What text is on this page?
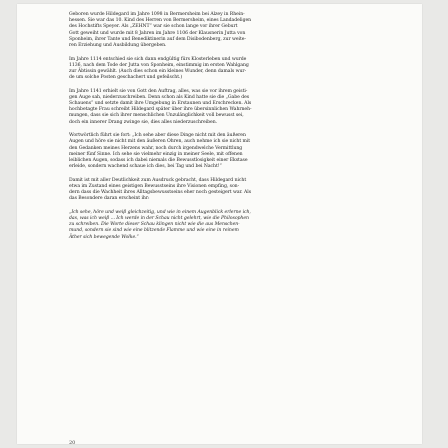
Geboren wurde Hildegard im Jahre 1098 in Bermersheim bei Alzey in Rhein-

hessen. Sie war das 10. Kind des Herren von Bermersheim, eines Landadeligen

des Hochstifts Speyer. Als „ZEHNT“ war sie schon lange vor ihrer Geburt

Gott geweiht und wurde mit 8 Jahren im Jahre 1106 der Klausnerin Jutta von

Sponheim, ihrer Tante und Benediktinerin auf dem Disibodenberg, zur weite-

ren Erziehung und Ausbildung übergeben.

Im Jahre 1114 entschied sie sich dann endgültig fürs Klosterleben und wurde

1136, nach dem Tode der Jutta von Sponheim, einstimmig im ersten Wahlgang

zur Äbtissin gewählt. (Auch dies schon ein kleines Wunder, denn damals wur-

de um solche Posten geschachert und gefeilscht.)

Im Jahre 1141 erhielt sie von Gott den Auftrag, alles, was sie vor ihrem geisti-

gen Auge sah, niederzuschreiben. Denn schon als Kind hatte sie die „Gabe des

Schauens“ und setzte damit ihre Umgebung in Erstaunen und Erschrecken. Als

hochbetagte Frau schreibt Hildegard später über ihre übersinnlichen Wahrneh-

mungen, dass sie sich ihrer menschlichen Unzulänglichkeit voll bewusst sei,

doch ein innerer Drang zwinge sie, dies alles niederzuschreiben.

Wortwörtlich führt sie fort: „Ich sehe aber diese Dinge nicht mit den äußeren

Augen und höre sie nicht mit den äußeren Ohren, auch nehme ich sie nicht mit

den Gedanken meines Herzens wahr, noch durch irgendwelche Vermittlung

meiner fünf Sinne. Ich sehe sie vielmehr einzig in meiner Seele, mit offenen

leiblichen Augen, sodass ich dabei niemals die Bewusstlosigkeit einer Ekstase

erleide, sondern wachend schaue ich dies, bei Tag und bei Nacht!“

Damit ist mit aller Deutlichkeit zum Ausdruck gebracht, dass Hildegard nicht

etwa im Zustand eines geistigen Bewusstseins ihre Visionen empfing, son-

dern dass die Wachheit ihres Alltagsbewusstseins eher noch gesteigert war. Als

das Besondere daran erscheint ihr:

„Ich sehe, höre und weiß gleichzeitig, und wie in einem Augenblick erlerne ich,

das, was ich weiß ... Ich werde in der Schau nicht gelehrt, wie die Philosophen

zu schreiben. Die Worte dieser Schau klingen nicht wie die aus Menschen-

mund, sondern sie sind wie eine blitzende Flamme und wie eine in reinem

Äther sich bewegende Wolke.“

20
